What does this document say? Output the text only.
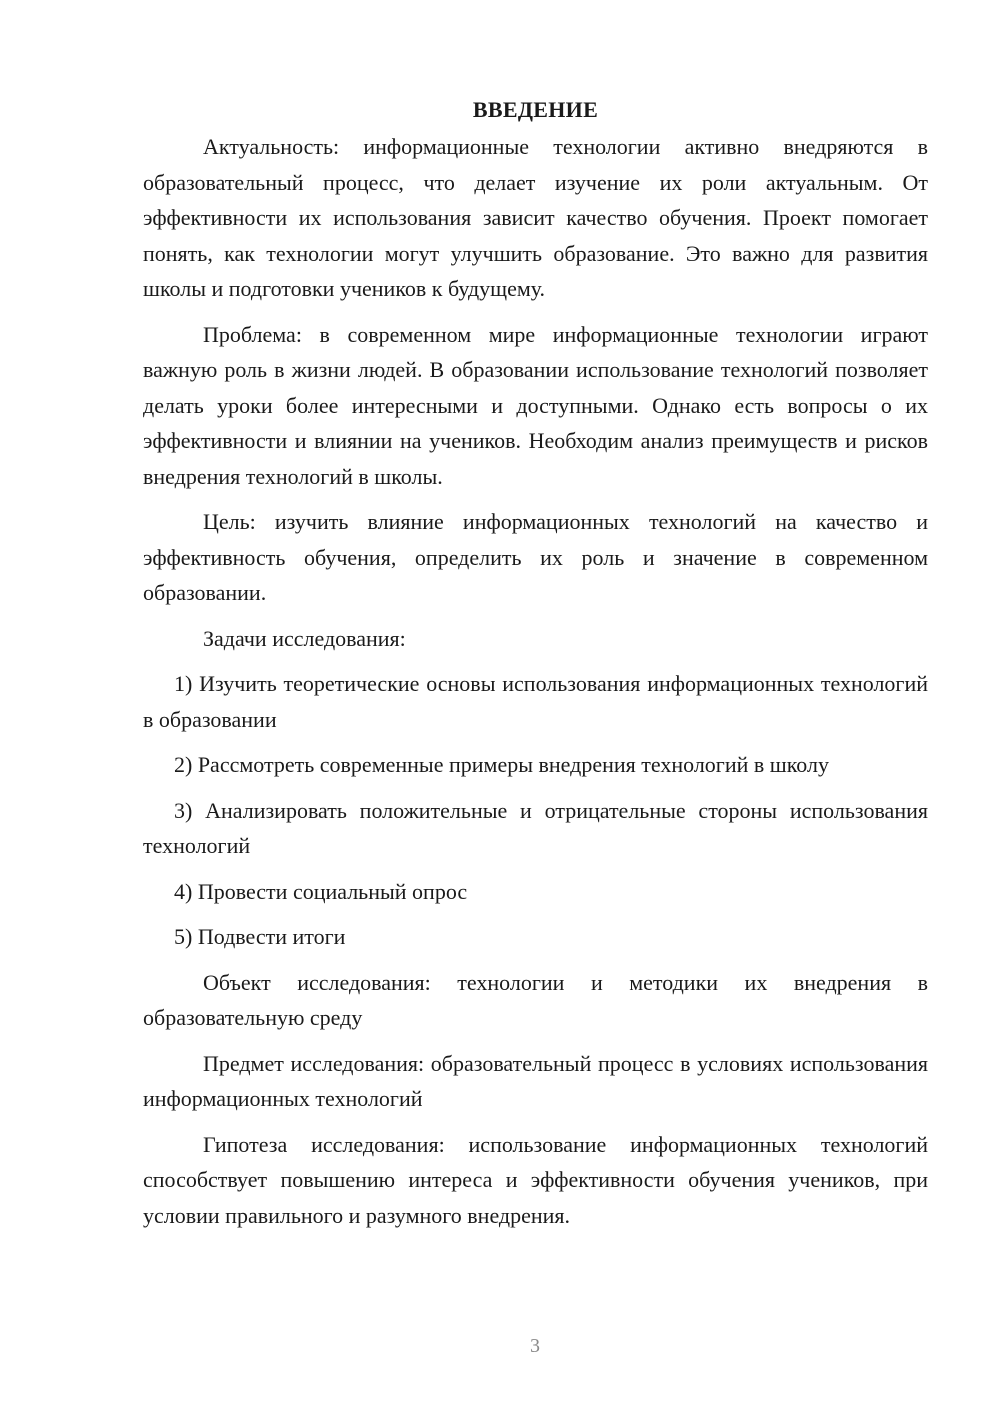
ВВЕДЕНИЕ

Актуальность: информационные технологии активно внедряются в образовательный процесс, что делает изучение их роли актуальным. От эффективности их использования зависит качество обучения. Проект помогает понять, как технологии могут улучшить образование. Это важно для развития школы и подготовки учеников к будущему.

Проблема: в современном мире информационные технологии играют важную роль в жизни людей. В образовании использование технологий позволяет делать уроки более интересными и доступными. Однако есть вопросы о их эффективности и влиянии на учеников. Необходим анализ преимуществ и рисков внедрения технологий в школы.

Цель: изучить влияние информационных технологий на качество и эффективность обучения, определить их роль и значение в современном образовании.

Задачи исследования:

1) Изучить теоретические основы использования информационных технологий в образовании

2) Рассмотреть современные примеры внедрения технологий в школу

3) Анализировать положительные и отрицательные стороны использования технологий

4) Провести социальный опрос

5) Подвести итоги

Объект исследования: технологии и методики их внедрения в образовательную среду

Предмет исследования: образовательный процесс в условиях использования информационных технологий

Гипотеза исследования: использование информационных технологий способствует повышению интереса и эффективности обучения учеников, при условии правильного и разумного внедрения.

3
